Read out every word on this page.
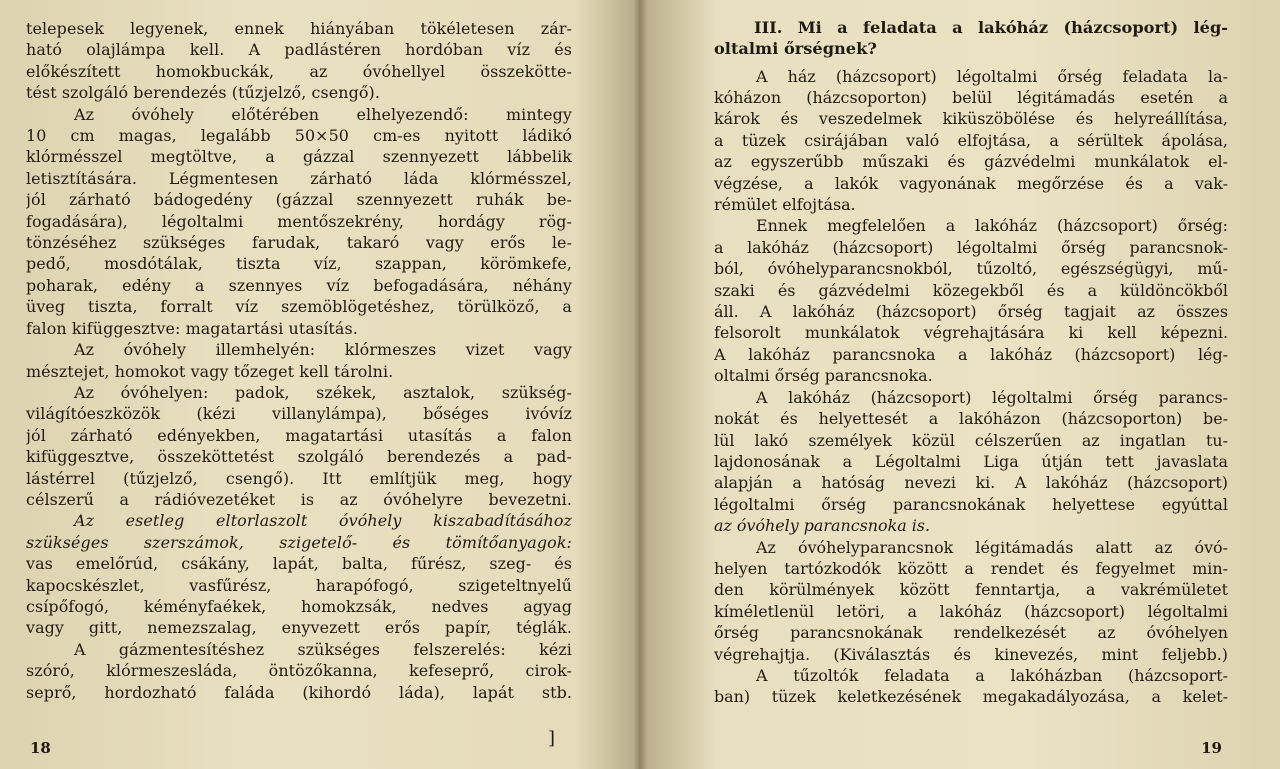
telepesek legyenek, ennek hiányában tökéletesen zár-
ható olajlámpa kell. A padlástéren hordóban víz és
előkészített homokbuckák, az óvóhellyel összekötte-
tést szolgáló berendezés (tűzjelző, csengő).
Az óvóhely előtérében elhelyezendő: mintegy
10 cm magas, legalább 50×50 cm-es nyitott ládikó
klórmésszel megtöltve, a gázzal szennyezett lábbelik
letisztítására. Légmentesen zárható láda klórmésszel,
jól zárható bádogedény (gázzal szennyezett ruhák be-
fogadására), légoltalmi mentőszekrény, hordágy rög-
tönzéséhez szükséges farudak, takaró vagy erős le-
pedő, mosdótálak, tiszta víz, szappan, körömkefe,
poharak, edény a szennyes víz befogadására, néhány
üveg tiszta, forralt víz szemöblögetéshez, törülköző, a
falon kifüggesztve: magatartási utasítás.
Az óvóhely illemhelyén: klórmeszes vizet vagy
mésztejet, homokot vagy tőzeget kell tárolni.
Az óvóhelyen: padok, székek, asztalok, szükség-
világítóeszközök (kézi villanylámpa), bőséges ivóvíz
jól zárható edényekben, magatartási utasítás a falon
kifüggesztve, összeköttetést szolgáló berendezés a pad-
lástérrel (tűzjelző, csengő). Itt említjük meg, hogy
célszerű a rádióvezetéket is az óvóhelyre bevezetni.
Az esetleg eltorlaszolt óvóhely kiszabadításához
szükséges szerszámok, szigetelő- és tömítőanyagok:
vas emelőrúd, csákány, lapát, balta, fűrész, szeg- és
kapocskészlet, vasfűrész, harapófogó, szigeteltnyelű
csípőfogó, kéményfaékek, homokzsák, nedves agyag
vagy gitt, nemezszalag, enyvezett erős papír, téglák.
A gázmentesítéshez szükséges felszerelés: kézi
szóró, klórmeszesláda, öntözőkanna, kefeseprő, cirok-
seprő, hordozható faláda (kihordó láda), lapát stb.
18	]
III. Mi a feladata a lakóház (házcsoport) lég-
oltalmi őrségnek?
A ház (házcsoport) légoltalmi őrség feladata la-
kóházon (házcsoporton) belül légitámadás esetén a
károk és veszedelmek kiküszöbölése és helyreállítása,
a tüzek csirájában való elfojtása, a sérültek ápolása,
az egyszerűbb műszaki és gázvédelmi munkálatok el-
végzése, a lakók vagyonának megőrzése és a vak-
rémület elfojtása.
Ennek megfelelően a lakóház (házcsoport) őrség:
a lakóház (házcsoport) légoltalmi őrség parancsnok-
ból, óvóhelyparancsnokból, tűzoltó, egészségügyi, mű-
szaki és gázvédelmi közegekből és a küldöncökből
áll. A lakóház (házcsoport) őrség tagjait az összes
felsorolt munkálatok végrehajtására ki kell képezni.
A lakóház parancsnoka a lakóház (házcsoport) lég-
oltalmi őrség parancsnoka.
A lakóház (házcsoport) légoltalmi őrség parancs-
nokát és helyettesét a lakóházon (házcsoporton) be-
lül lakó személyek közül célszerűen az ingatlan tu-
lajdonosának a Légoltalmi Liga útján tett javaslata
alapján a hatóság nevezi ki. A lakóház (házcsoport)
légoltalmi őrség parancsnokának helyettese egyúttal
az óvóhely parancsnoka is.
Az óvóhelyparancsnok légitámadás alatt az óvó-
helyen tartózkodók között a rendet és fegyelmet min-
den körülmények között fenntartja, a vakrémületet
kíméletlenül letöri, a lakóház (házcsoport) légoltalmi
őrség parancsnokának rendelkezését az óvóhelyen
végrehajtja. (Kiválasztás és kinevezés, mint feljebb.)
A tűzoltók feladata a lakóházban (házcsoport-
ban) tüzek keletkezésének megakadályozása, a kelet-
19
